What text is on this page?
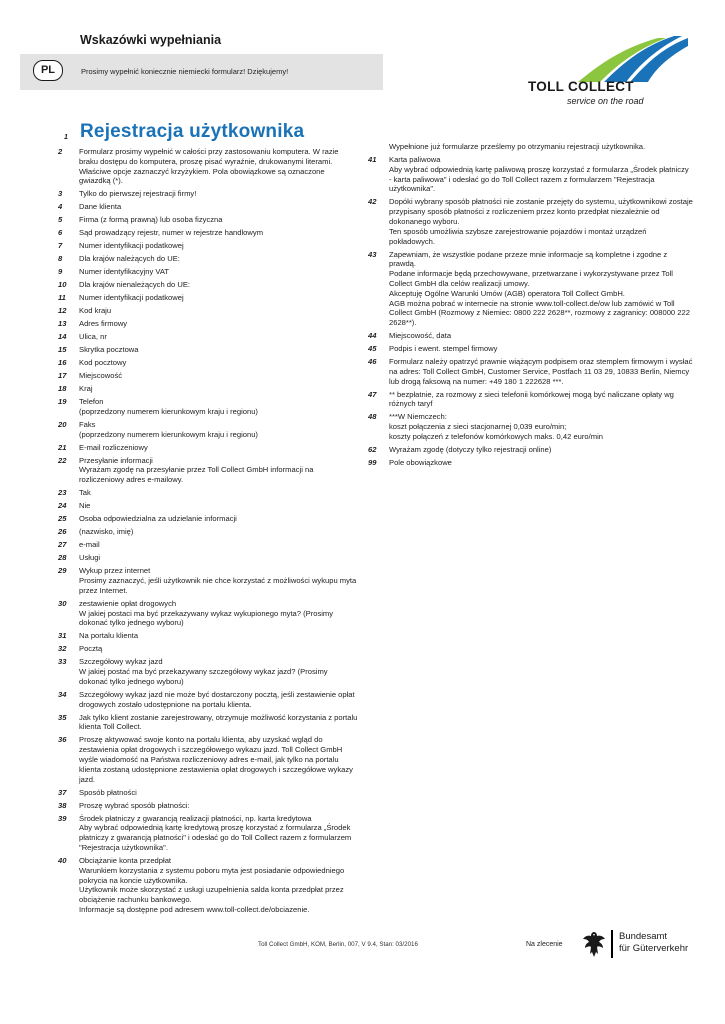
Wskazówki wypełniania
PL	Prosimy wypełnić koniecznie niemiecki formularz! Dziękujemy!
TOLL COLLECT
service on the road
1 Rejestracja użytkownika
2	Formularz prosimy wypełnić w całości przy zastosowaniu komputera. W razie braku dostępu do komputera, proszę pisać wyraźnie, drukowanymi literami. Właściwe opcje zaznaczyć krzyżykiem. Pola obowiązkowe są oznaczone gwiazdką (*).
3	Tylko do pierwszej rejestracji firmy!
4	Dane klienta
5	Firma (z formą prawną) lub osoba fizyczna
6	Sąd prowadzący rejestr, numer w rejestrze handlowym
7	Numer identyfikacji podatkowej
8	Dla krajów należących do UE:
9	Numer identyfikacyjny VAT
10	Dla krajów nienależących do UE:
11	Numer identyfikacji podatkowej
12	Kod kraju
13	Adres firmowy
14	Ulica, nr
15	Skrytka pocztowa
16	Kod pocztowy
17	Miejscowość
18	Kraj
19	Telefon
(poprzedzony numerem kierunkowym kraju i regionu)
20	Faks
(poprzedzony numerem kierunkowym kraju i regionu)
21	E-mail rozliczeniowy
22	Przesyłanie informacji
Wyrażam zgodę na przesyłanie przez Toll Collect GmbH informacji na rozliczeniowy adres e-mailowy.
23	Tak
24	Nie
25	Osoba odpowiedzialna za udzielanie informacji
26	(nazwisko, imię)
27	e-mail
28	Usługi
29	Wykup przez internet
Prosimy zaznaczyć, jeśli użytkownik nie chce korzystać z możliwości wykupu myta przez Internet.
30	zestawienie opłat drogowych
W jakiej postaci ma być przekazywany wykaz wykupionego myta? (Prosimy dokonać tylko jednego wyboru)
31	Na portalu klienta
32	Pocztą
33	Szczegółowy wykaz jazd
W jakiej postać ma być przekazywany szczegółowy wykaz jazd? (Prosimy dokonać tylko jednego wyboru)
34	Szczegółowy wykaz jazd nie może być dostarczony pocztą, jeśli zestawienie opłat drogowych zostało udostępnione na portalu klienta.
35	Jak tylko klient zostanie zarejestrowany, otrzymuje możliwość korzystania z portalu klienta Toll Collect.
36	Proszę aktywować swoje konto na portalu klienta, aby uzyskać wgląd do zestawienia opłat drogowych i szczegółowego wykazu jazd. Toll Collect GmbH wyśle wiadomość na Państwa rozliczeniowy adres e-mail, jak tylko na portalu klienta zostaną udostępnione zestawienia opłat drogowych i szczegółowe wykazy jazd.
37	Sposób płatności
38	Proszę wybrać sposób płatności:
39	Środek płatniczy z gwarancją realizacji płatności, np. karta kredytowa
Aby wybrać odpowiednią kartę kredytową proszę korzystać z formularza „Środek płatniczy z gwarancją płatności" i odesłać go do Toll Collect razem z formularzem "Rejestracja użytkownika".
40	Obciążanie konta przedpłat
Warunkiem korzystania z systemu poboru myta jest posiadanie odpowiedniego pokrycia na koncie użytkownika.
Użytkownik może skorzystać z usługi uzupełnienia salda konta przedpłat przez obciążenie rachunku bankowego.
Informacje są dostępne pod adresem www.toll-collect.de/obciazenie.
Wypełnione już formularze prześlemy po otrzymaniu rejestracji użytkownika.
41	Karta paliwowa
Aby wybrać odpowiednią kartę paliwową proszę korzystać z formularza „Środek płatniczy - karta paliwowa" i odesłać go do Toll Collect razem z formularzem "Rejestracja użytkownika".
42	Dopóki wybrany sposób płatności nie zostanie przejęty do systemu, użytkownikowi zostaje przypisany sposób płatności z rozliczeniem przez konto przedpłat niezależnie od dokonanego wyboru.
Ten sposób umożliwia szybsze zarejestrowanie pojazdów i montaż urządzeń pokładowych.
43	Zapewniam, że wszystkie podane przeze mnie informacje są kompletne i zgodne z prawdą.
Podane informacje będą przechowywane, przetwarzane i wykorzystywane przez Toll Collect GmbH dla celów realizacji umowy.
Akceptuję Ogólne Warunki Umów (AGB) operatora Toll Collect GmbH.
AGB można pobrać w internecie na stronie www.toll-collect.de/ow lub zamówić w Toll Collect GmbH (Rozmowy z Niemiec: 0800 222 2628**, rozmowy z zagranicy: 008000 222 2628**).
44	Miejscowość, data
45	Podpis i ewent. stempel firmowy
46	Formularz należy opatrzyć prawnie wiążącym podpisem oraz stemplem firmowym i wysłać na adres: Toll Collect GmbH, Customer Service, Postfach 11 03 29, 10833 Berlin, Niemcy lub drogą faksową na numer: +49 180 1 222628 ***.
47	** bezpłatnie, za rozmowy z sieci telefonii komórkowej mogą być naliczane opłaty wg różnych taryf
48	***W Niemczech:
koszt połączenia z sieci stacjonarnej 0,039 euro/min;
koszty połączeń z telefonów komórkowych maks. 0,42 euro/min
62	Wyrażam zgodę (dotyczy tylko rejestracji online)
99	Pole obowiązkowe
Toll Collect GmbH, KOM, Berlin, 007, V 9.4, Stan: 03/2016	Na zlecenie
Bundesamt
für Güterverkehr
